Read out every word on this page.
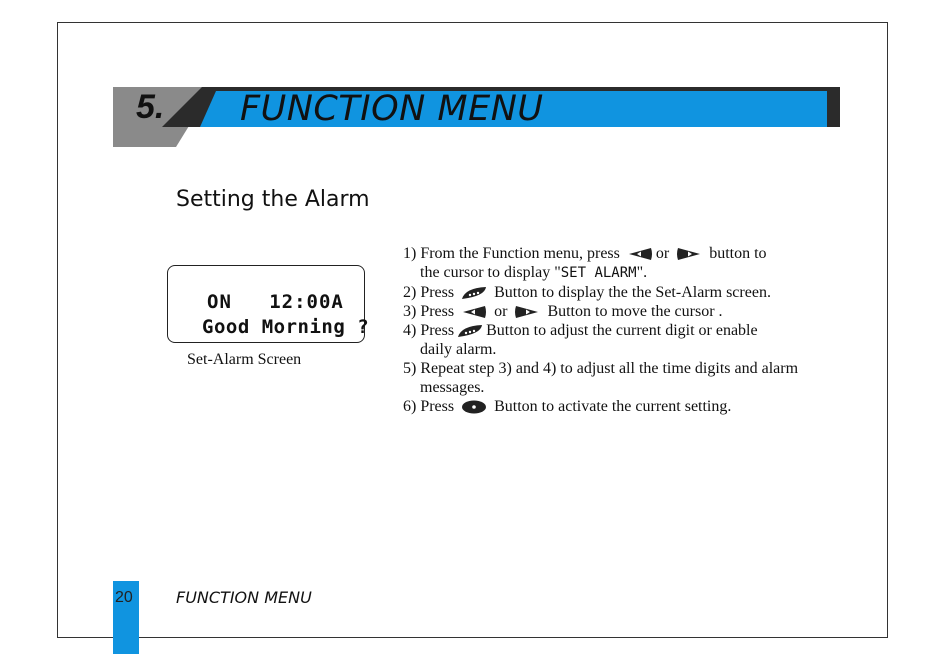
5. FUNCTION MENU
Setting the Alarm
ON   12:00A
Good Morning ?
Set-Alarm Screen

1) From the Function menu, press or	button to

the cursor to display "SET ALARM".

2) Press	Button to display the the Set-Alarm screen.

3) Press	or	Button to move the cursor .

4) Press Button to adjust the current digit or enable

daily alarm.

5) Repeat step 3) and 4) to adjust all the time digits and alarm

messages.

6) Press	Button to activate the current setting.

20	FUNCTION MENU
